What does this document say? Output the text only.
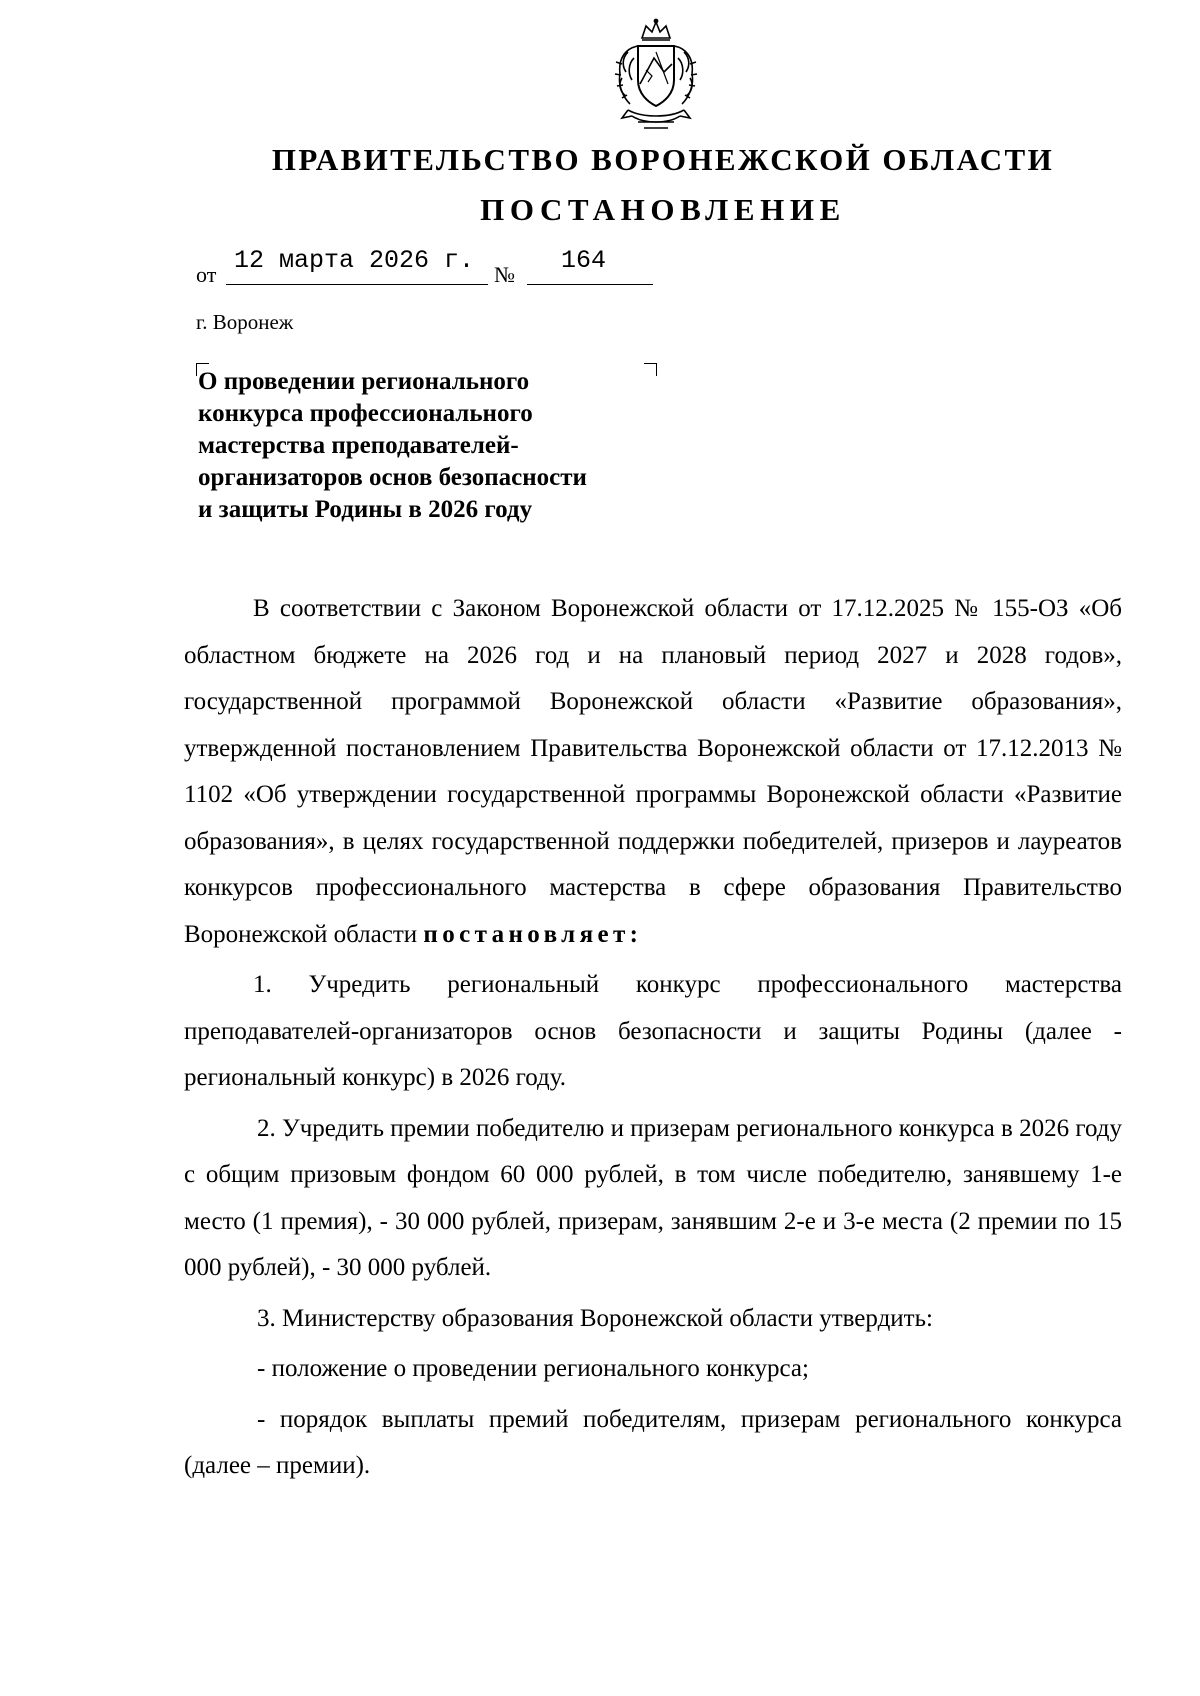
ПРАВИТЕЛЬСТВО ВОРОНЕЖСКОЙ ОБЛАСТИ
ПОСТАНОВЛЕНИЕ
от 12 марта 2026 г. № 164
г. Воронеж
О проведении регионального
конкурса профессионального
мастерства преподавателей-
организаторов основ безопасности
и защиты Родины в 2026 году

В соответствии с Законом Воронежской области от 17.12.2025 № 155-ОЗ «Об областном бюджете на 2026 год и на плановый период 2027 и 2028 годов», государственной программой Воронежской области «Развитие образования», утвержденной постановлением Правительства Воронежской области от 17.12.2013 № 1102 «Об утверждении государственной программы Воронежской области «Развитие образования», в целях государственной поддержки победителей, призеров и лауреатов конкурсов профессионального мастерства в сфере образования Правительство Воронежской области постановляет:

1. Учредить региональный конкурс профессионального мастерства преподавателей-организаторов основ безопасности и защиты Родины (далее - региональный конкурс) в 2026 году.

2. Учредить премии победителю и призерам регионального конкурса в 2026 году с общим призовым фондом 60 000 рублей, в том числе победителю, занявшему 1-е место (1 премия), - 30 000 рублей, призерам, занявшим 2-е и 3-е места (2 премии по 15 000 рублей), - 30 000 рублей.

3. Министерству образования Воронежской области утвердить:

- положение о проведении регионального конкурса;

- порядок выплаты премий победителям, призерам регионального конкурса (далее – премии).
